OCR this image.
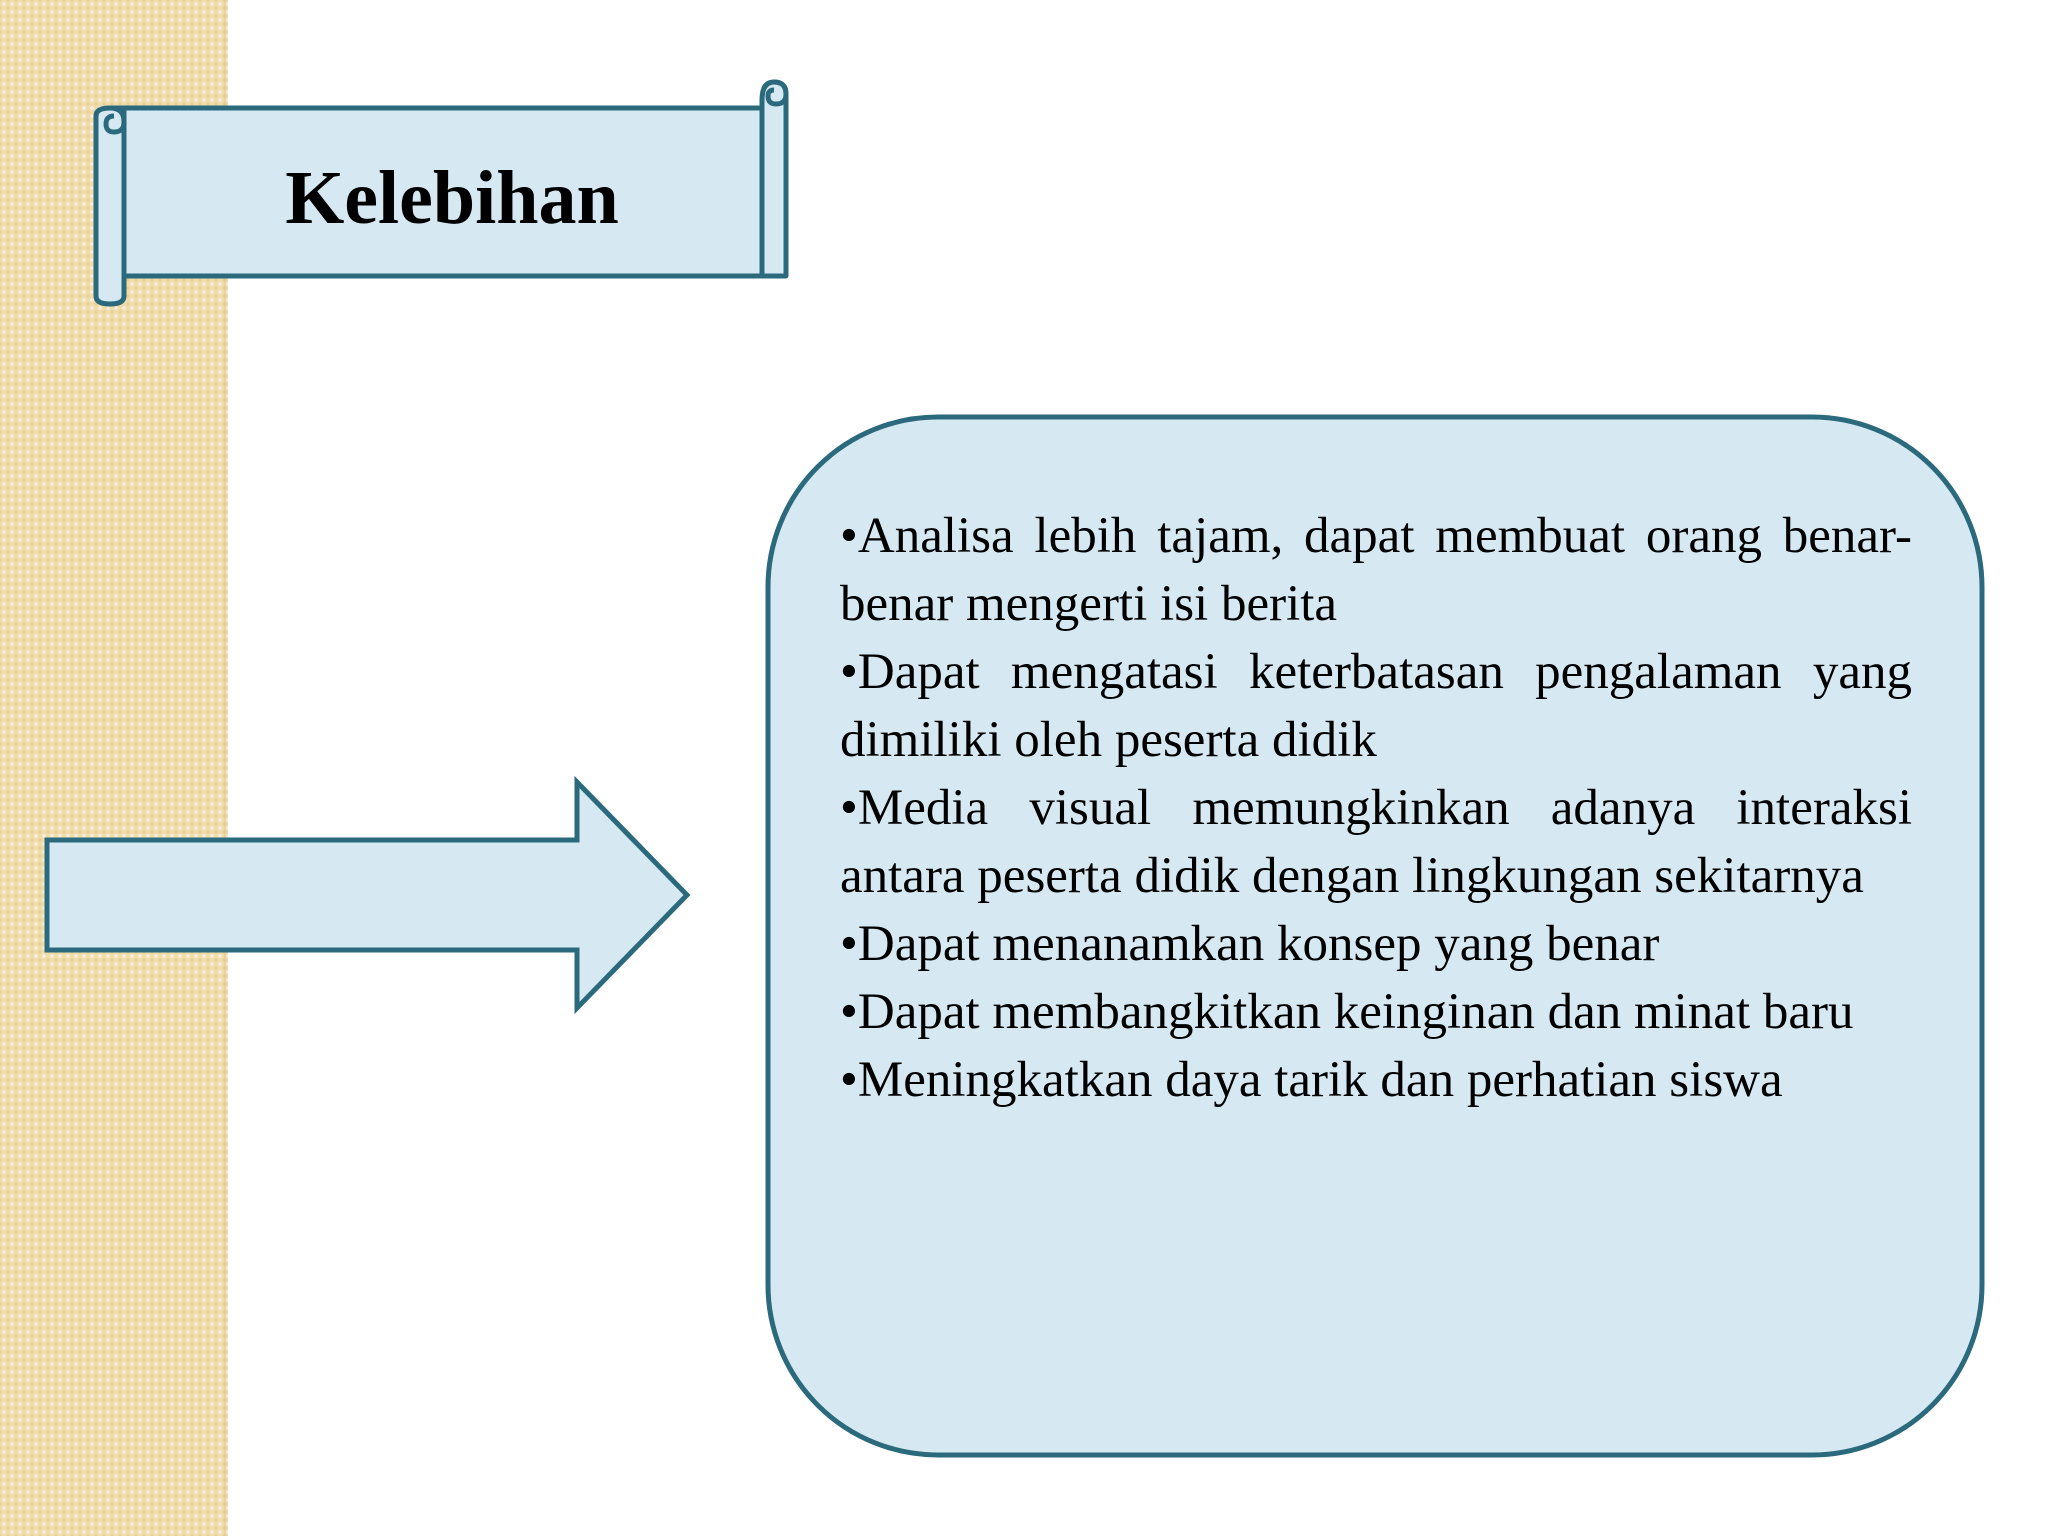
Kelebihan
•Analisa lebih tajam, dapat membuat orang benar-benar mengerti isi berita
•Dapat mengatasi keterbatasan pengalaman yang dimiliki oleh peserta didik
•Media visual memungkinkan adanya interaksi antara peserta didik dengan lingkungan sekitarnya
•Dapat menanamkan konsep yang benar
•Dapat membangkitkan keinginan dan minat baru
•Meningkatkan daya tarik dan perhatian siswa
